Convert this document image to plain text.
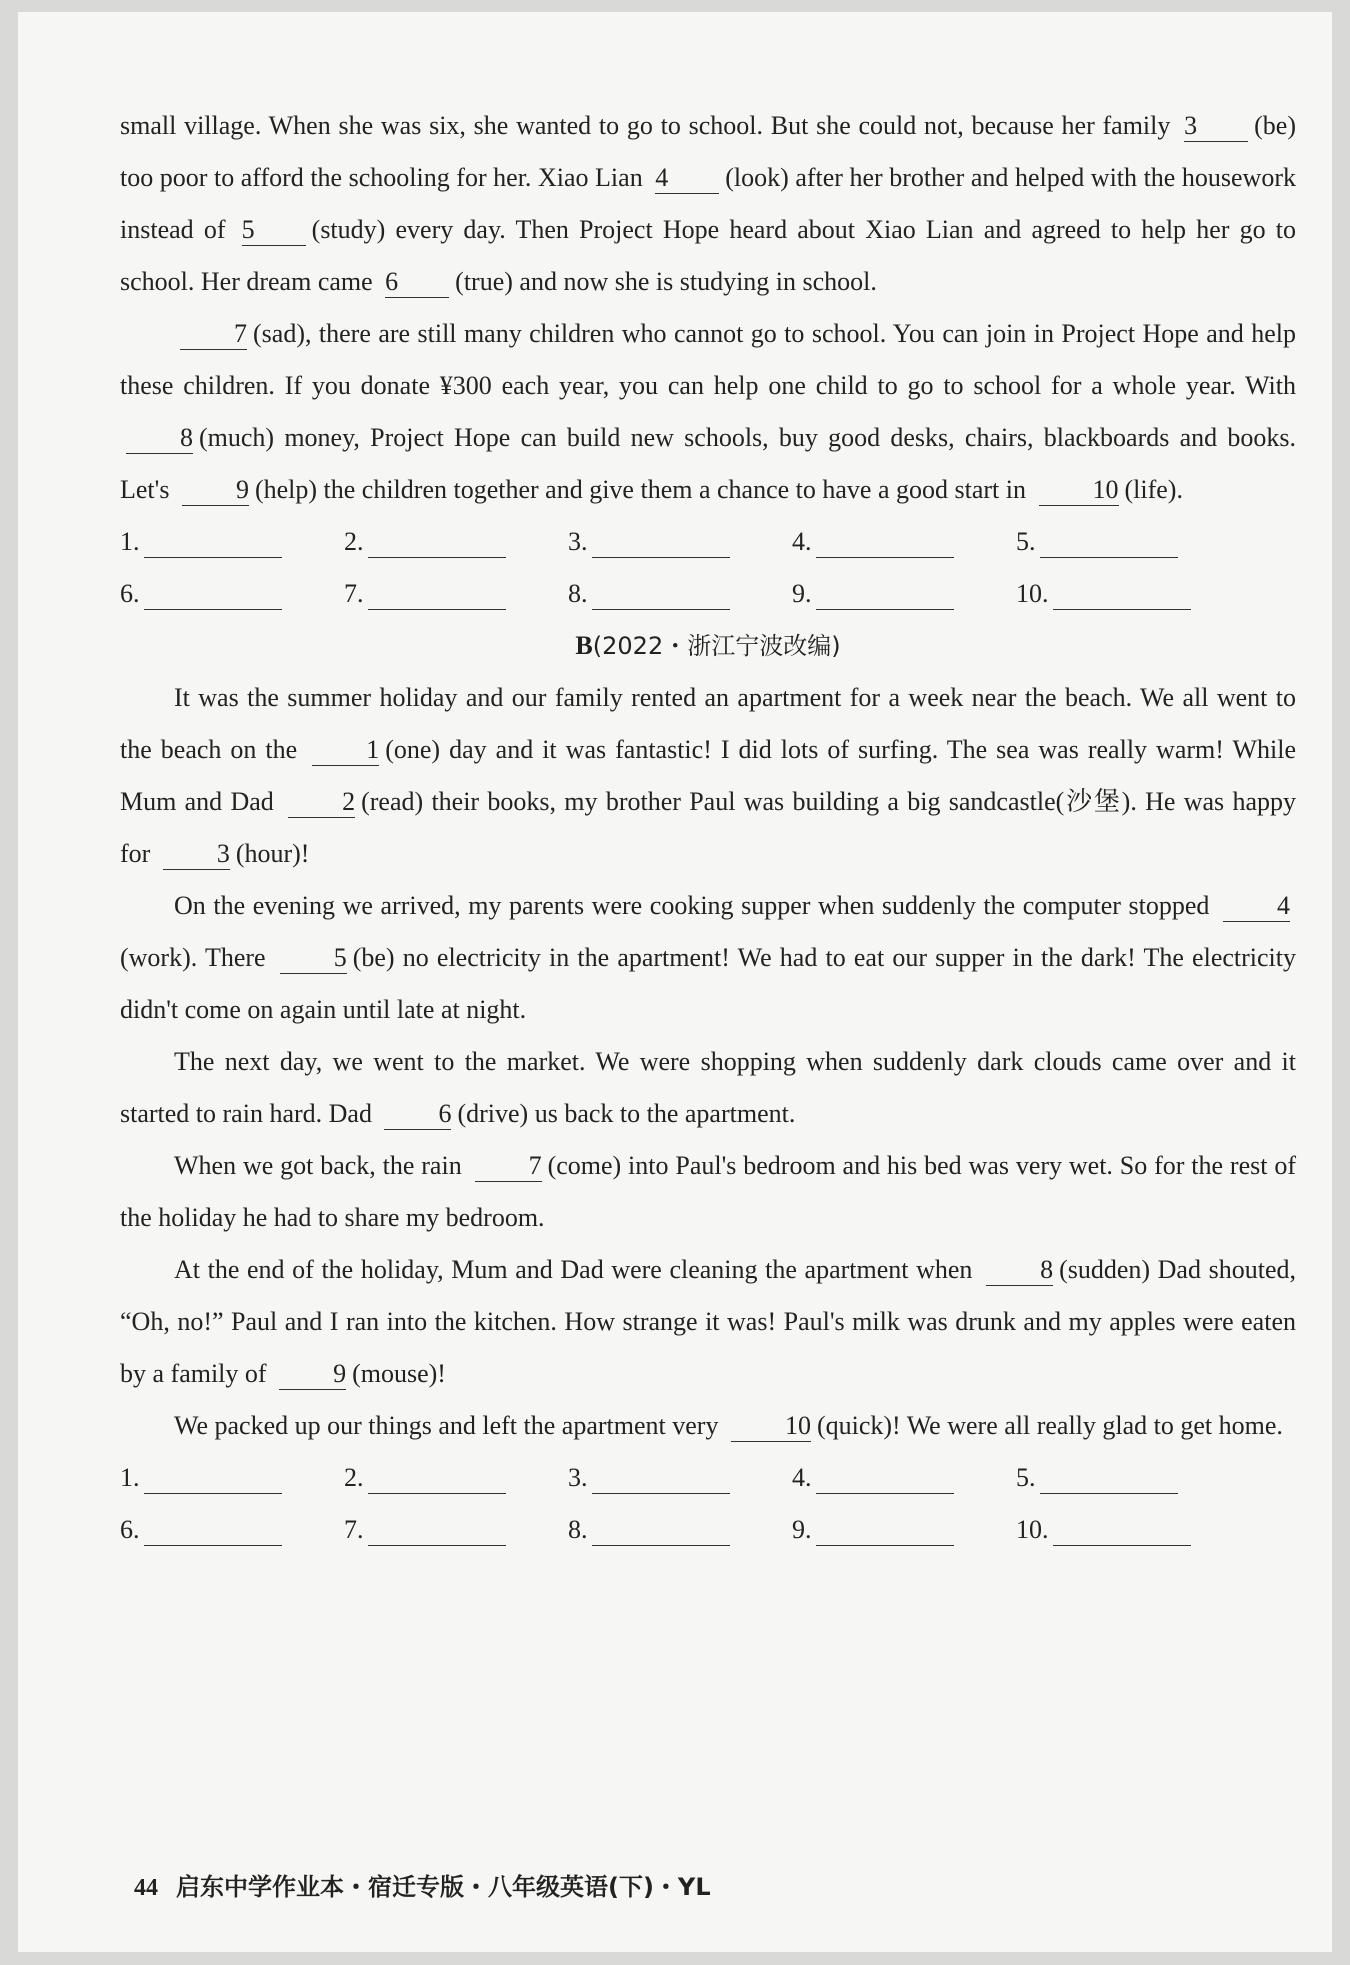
small village. When she was six, she wanted to go to school. But she could not, because her family 3 (be) too poor to afford the schooling for her. Xiao Lian 4 (look) after her brother and helped with the housework instead of 5 (study) every day. Then Project Hope heard about Xiao Lian and agreed to help her go to school. Her dream came 6 (true) and now she is studying in school.

7 (sad), there are still many children who cannot go to school. You can join in Project Hope and help these children. If you donate ¥300 each year, you can help one child to go to school for a whole year. With 8 (much) money, Project Hope can build new schools, buy good desks, chairs, blackboards and books. Let's 9 (help) the children together and give them a chance to have a good start in 10 (life).

1.	2.	3.	4.	5.
6.	7.	8.	9.	10.
B(2022・浙江宁波改编)

It was the summer holiday and our family rented an apartment for a week near the beach. We all went to the beach on the 1 (one) day and it was fantastic! I did lots of surfing. The sea was really warm! While Mum and Dad 2 (read) their books, my brother Paul was building a big sandcastle(沙堡). He was happy for 3 (hour)!

On the evening we arrived, my parents were cooking supper when suddenly the computer stopped 4(work). There 5 (be) no electricity in the apartment! We had to eat our supper in the dark! The electricity didn't come on again until late at night.

The next day, we went to the market. We were shopping when suddenly dark clouds came over and it started to rain hard. Dad 6 (drive) us back to the apartment.

When we got back, the rain 7 (come) into Paul's bedroom and his bed was very wet. So for the rest of the holiday he had to share my bedroom.

At the end of the holiday, Mum and Dad were cleaning the apartment when 8 (sudden) Dad shouted, “Oh, no!” Paul and I ran into the kitchen. How strange it was! Paul's milk was drunk and my apples were eaten by a family of 9 (mouse)!

We packed up our things and left the apartment very 10 (quick)! We were all really glad to get home.

1.	2.	3.	4.	5.
6.	7.	8.	9.	10.
44 启东中学作业本・宿迁专版・八年级英语(下)・YL
